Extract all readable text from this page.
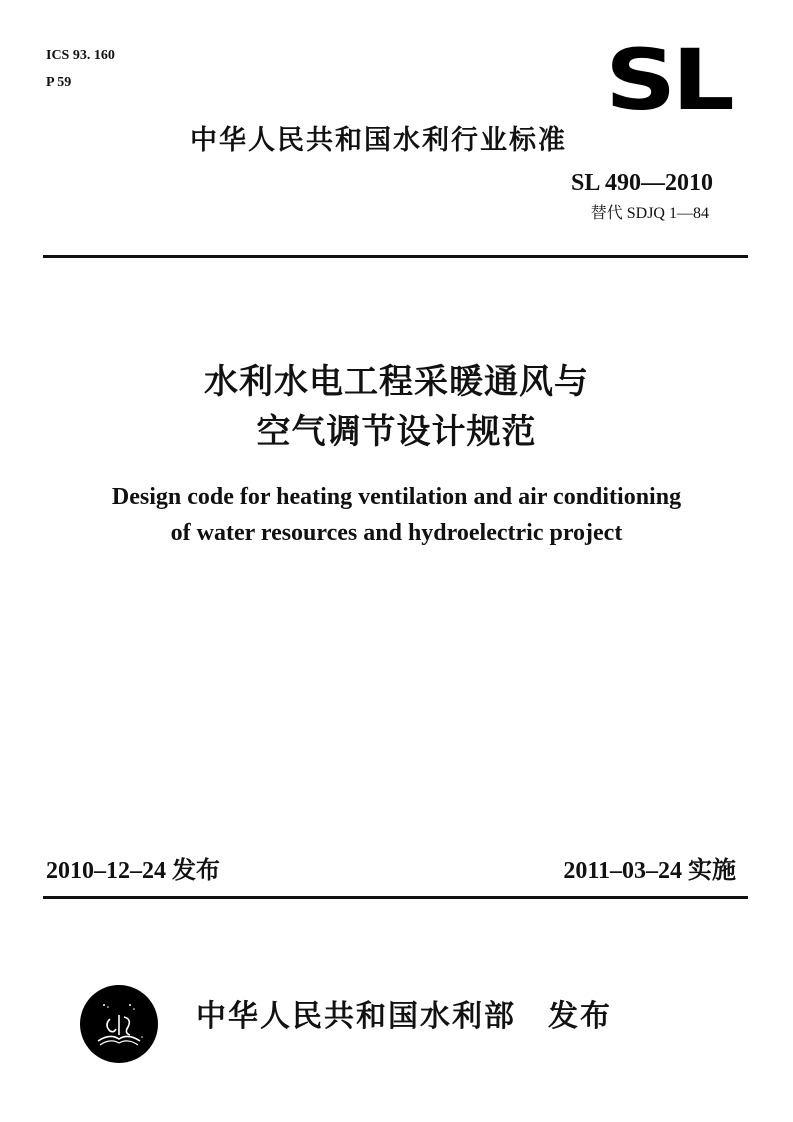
ICS 93. 160
P 59	SL
中华人民共和国水利行业标准
SL 490—2010
替代 SDJQ 1—84
水利水电工程采暖通风与
空气调节设计规范
Design code for heating ventilation and air conditioning
of water resources and hydroelectric project
2010–12–24 发布	2011–03–24 实施
中华人民共和国水利部 发布
